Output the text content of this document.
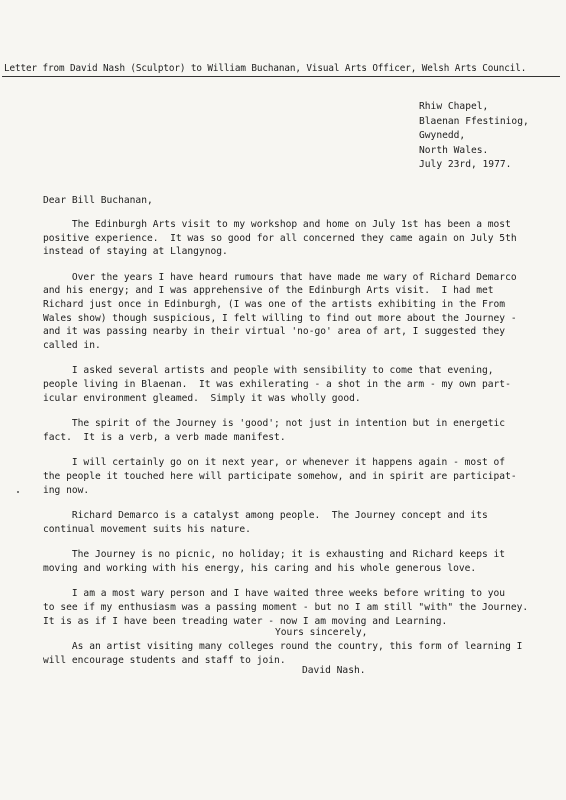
Letter from David Nash (Sculptor) to William Buchanan, Visual Arts Officer, Welsh Arts Council.
Rhiw Chapel,
Blaenan Ffestiniog,
Gwynedd,
North Wales.
July 23rd, 1977.
Dear Bill Buchanan,

The Edinburgh Arts visit to my workshop and home on July 1st has been a most
positive experience.  It was so good for all concerned they came again on July 5th
instead of staying at Llangynog.

Over the years I have heard rumours that have made me wary of Richard Demarco
and his energy; and I was apprehensive of the Edinburgh Arts visit.  I had met
Richard just once in Edinburgh, (I was one of the artists exhibiting in the From
Wales show) though suspicious, I felt willing to find out more about the Journey -
and it was passing nearby in their virtual 'no-go' area of art, I suggested they
called in.

I asked several artists and people with sensibility to come that evening,
people living in Blaenan.  It was exhilerating - a shot in the arm - my own part-
icular environment gleamed.  Simply it was wholly good.

The spirit of the Journey is 'good'; not just in intention but in energetic
fact.  It is a verb, a verb made manifest.

I will certainly go on it next year, or whenever it happens again - most of
the people it touched here will participate somehow, and in spirit are participat-
ing now.

Richard Demarco is a catalyst among people.  The Journey concept and its
continual movement suits his nature.

The Journey is no picnic, no holiday; it is exhausting and Richard keeps it
moving and working with his energy, his caring and his whole generous love.

I am a most wary person and I have waited three weeks before writing to you
to see if my enthusiasm was a passing moment - but no I am still "with" the Journey.
It is as if I have been treading water - now I am moving and Learning.

As an artist visiting many colleges round the country, this form of learning I
will encourage students and staff to join.

Yours sincerely,
David Nash.
